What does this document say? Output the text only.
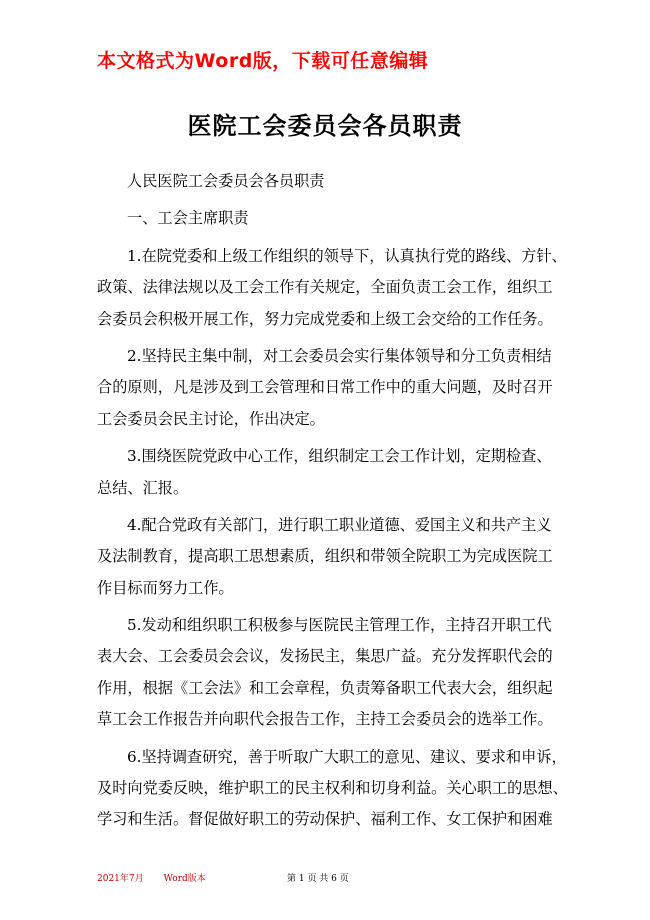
本文格式为Word版，下载可任意编辑
医院工会委员会各员职责
人民医院工会委员会各员职责
一、工会主席职责
1.在院党委和上级工作组织的领导下，认真执行党的路线、方针、
政策、法律法规以及工会工作有关规定，全面负责工会工作，组织工
会委员会积极开展工作，努力完成党委和上级工会交给的工作任务。
2.坚持民主集中制，对工会委员会实行集体领导和分工负责相结
合的原则，凡是涉及到工会管理和日常工作中的重大问题，及时召开
工会委员会民主讨论，作出决定。
3.围绕医院党政中心工作，组织制定工会工作计划，定期检查、
总结、汇报。
4.配合党政有关部门，进行职工职业道德、爱国主义和共产主义
及法制教育，提高职工思想素质，组织和带领全院职工为完成医院工
作目标而努力工作。
5.发动和组织职工积极参与医院民主管理工作，主持召开职工代
表大会、工会委员会会议，发扬民主，集思广益。充分发挥职代会的
作用，根据《工会法》和工会章程，负责筹备职工代表大会，组织起
草工会工作报告并向职代会报告工作，主持工会委员会的选举工作。
6.坚持调查研究，善于听取广大职工的意见、建议、要求和申诉，
及时向党委反映，维护职工的民主权利和切身利益。关心职工的思想、
学习和生活。督促做好职工的劳动保护、福利工作、女工保护和困难
2021年7月 Word版本	第 1 页 共 6 页
